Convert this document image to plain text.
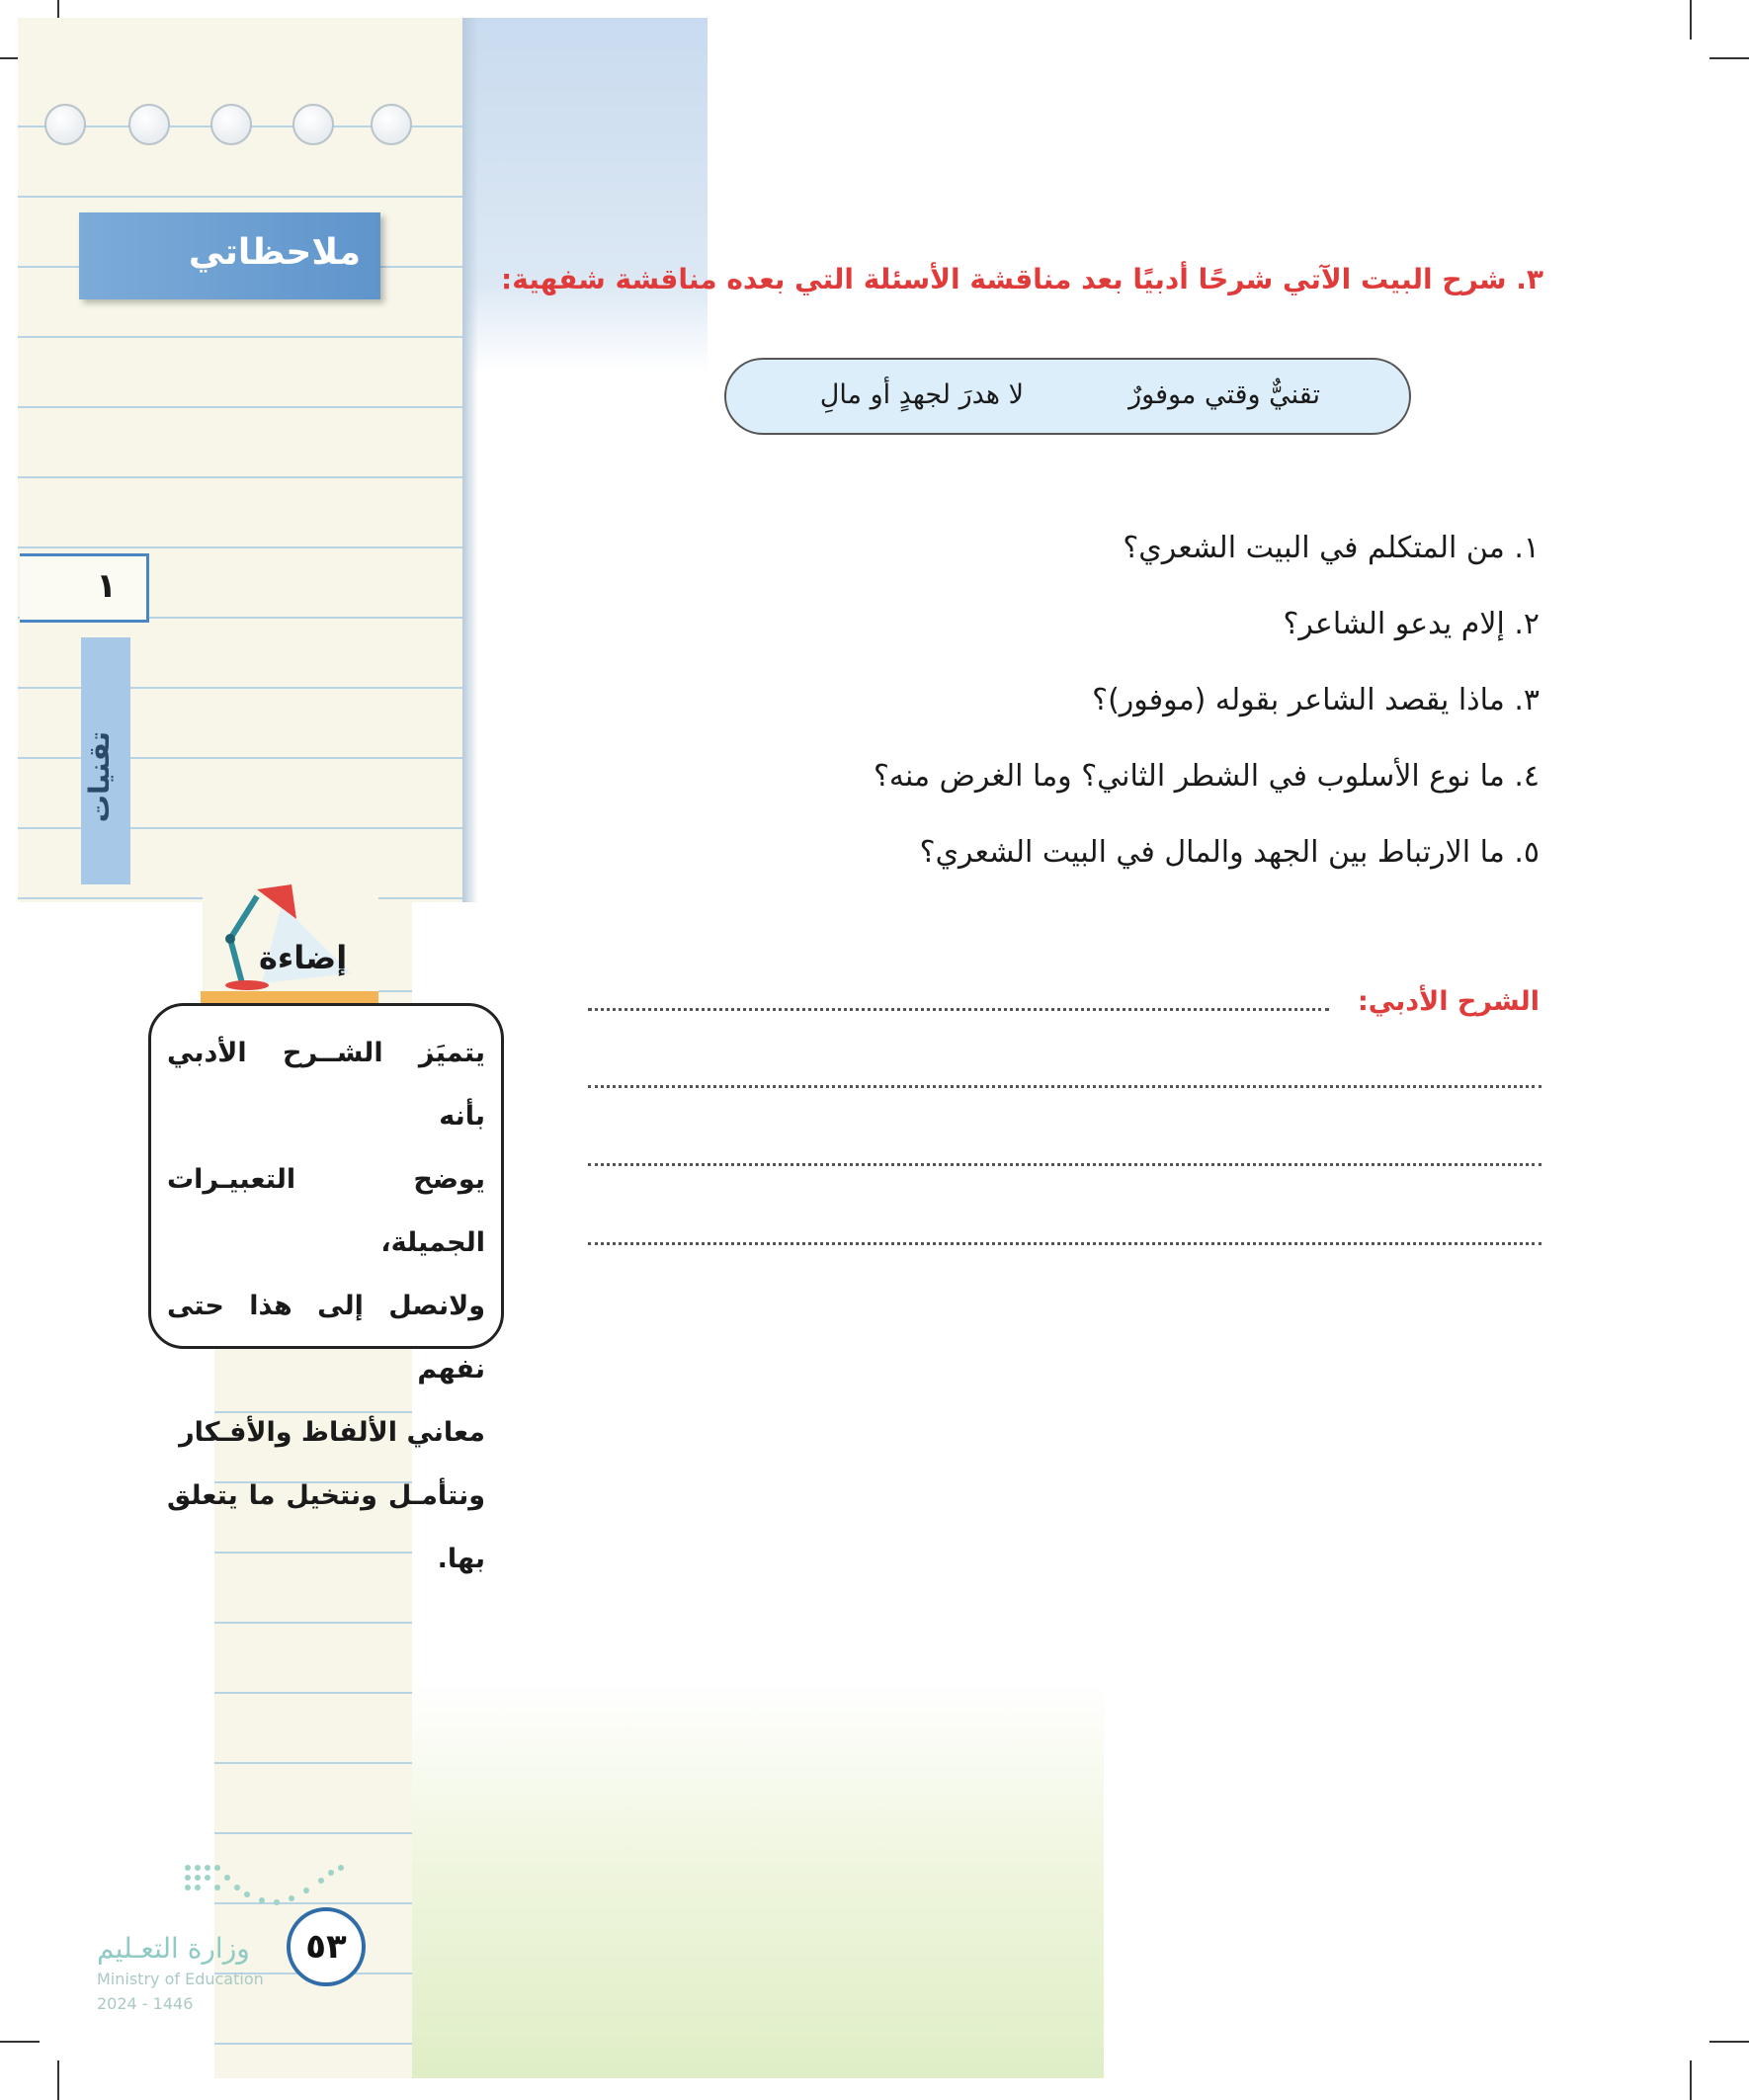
ملاحظاتي
١
تقنيات
إضاءة

يتميَز الشــرح الأدبي بأنه

يوضح التعبيـرات الجميلة،

ولانصل إلى هذا حتى نفهم

معاني الألفاظ والأفـكار

ونتأمـل ونتخيل ما يتعلق بها.

٣. شرح البيت الآتي شرحًا أدبيًا بعد مناقشة الأسئلة التي بعده مناقشة شفهية:
تقنيٌّ وقتي موفورٌ
لا هدرَ لجهدٍ أو مالِ
١. من المتكلم في البيت الشعري؟
٢. إلام يدعو الشاعر؟
٣. ماذا يقصد الشاعر بقوله (موفور)؟
٤. ما نوع الأسلوب في الشطر الثاني؟ وما الغرض منه؟
٥. ما الارتباط بين الجهد والمال في البيت الشعري؟
الشرح الأدبي:
٥٣
وزارة التعـليم
Ministry of Education
2024 - 1446
